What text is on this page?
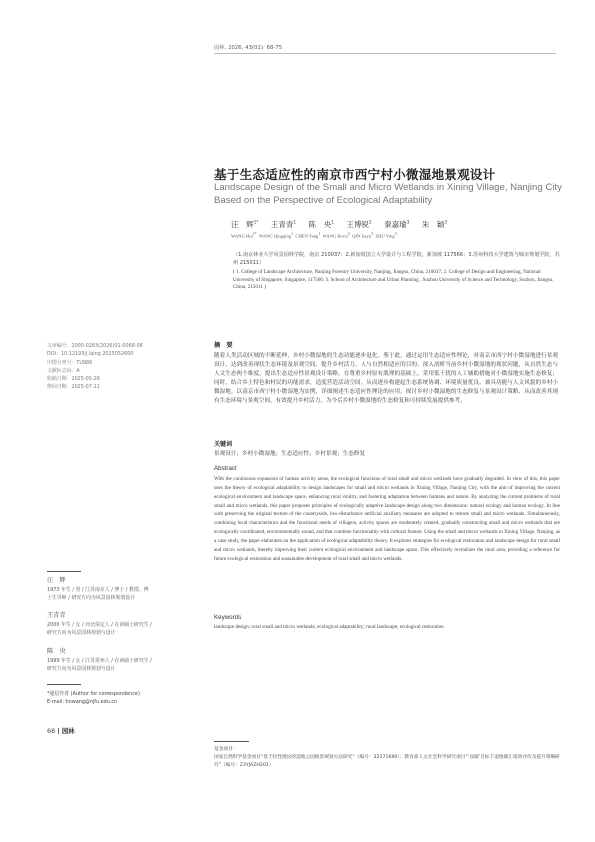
园林, 2026, 43(01): 68-75
基于生态适应性的南京市西宁村小微湿地景观设计
Landscape Design of the Small and Micro Wetlands in Xining Village, Nanjing City Based on the Perspective of Ecological Adaptability
汪　辉$^{1*}$ 王青青$^1$ 陈　央$^1$ 王博锐$^2$ 秦嘉瑜$^3$ 朱　颖$^3$
WANG Hui$^{1*}$ WANG Qingqing$^1$ CHEN Yang$^1$ WANG Borui$^2$ QIN Jiayu$^3$ ZHU Ying$^3$
（1.南京林业大学风景园林学院，南京 210037；2.新加坡国立大学设计与工程学院，新加坡 117566；3.苏州科技大学建筑与城市规划学院，苏州 215011）
( 1. College of Landscape Architecture, Nanjing Forestry University, Nanjing, Jiangsu, China, 210037; 2. College of Design and Engineering, National University of Singapore, Singapore, 117566; 3. School of Architecture and Urban Planning , Suzhou University of Science and Technology, Suzhou, Jiangsu, China, 215011 )
文章编号：1000-0283(2026)01-0068-08
DOI：10.12193/j.laing.2025052600
中图分类号：TU986
文献标志码：A
收稿日期：2025-05-26
修回日期：2025-07-11
摘　要
随着人类活动区域的不断延伸，乡村小微湿地的生态功能逐步退化。鉴于此，通过运用生态适应性理论，对南京市西宁村小微湿地进行景观设计，达到改善现状生态环境及景观空间、提升乡村活力、人与自然相适应的目的。深入剖析当前乡村小微湿地的现状问题，从自然生态与人文生态两个维度，提出生态适应性景观设计策略。在尊重乡村原有肌理的基础上，采用低干扰的人工辅助措施对小微湿地实施生态修复；同时，结合乡土特色和村民的功能需求，适度营造活动空间。从而逐步构建起生态系统协调、环境质量优良、兼具功能与人文风貌的乡村小微湿地。以南京市西宁村小微湿地为实例，详细阐述生态适应性理论的应用，探讨乡村小微湿地的生态修复与景观设计策略，从而改善其现有生态环境与景观空间，有效提升乡村活力，为今后乡村小微湿地的生态修复和可持续发展提供参考。
关键词
景观设计；乡村小微湿地；生态适应性；乡村景观；生态修复
Abstract
With the continuous expansion of human activity areas, the ecological functions of rural small and micro wetlands have gradually degraded. In view of this, this paper uses the theory of ecological adaptability to design landscapes for small and micro wetlands in Xining Village, Nanjing City, with the aim of improving the current ecological environment and landscape space, enhancing rural vitality, and fostering adaptation between humans and nature. By analyzing the current problems of rural small and micro wetlands, this paper proposes principles of ecologically adaptive landscape design along two dimensions: natural ecology and human ecology. In line with preserving the original texture of the countryside, low-disturbance artificial auxiliary measures are adopted to restore small and micro wetlands. Simultaneously, combining local characteristics and the functional needs of villagers, activity spaces are moderately created, gradually constructing small and micro wetlands that are ecologically coordinated, environmentally sound, and that combine functionality with cultural feature. Using the small and micro wetlands in Xining Village, Nanjing, as a case study, the paper elaborates on the application of ecological adaptability theory. It explores strategies for ecological restoration and landscape design for rural small and micro wetlands, thereby improving their current ecological environment and landscape space. This effectively revitalizes the rural area, providing a reference for future ecological restoration and sustainable development of rural small and micro wetlands.
Keywords
landscape design; rural small and micro wetlands; ecological adaptability; rural landscape; ecological restoration
汪　辉
1973 年生 / 男 / 江苏南京人 / 博士 / 教授、博
士生导师 / 研究方向为风景园林规划设计
王青青
2000 年生 / 女 / 河北保定人 / 在读硕士研究生 /
研究方向为风景园林规划与设计
陈　央
1999 年生 / 女 / 江苏常州人 / 在读硕士研究生 /
研究方向为风景园林规划与设计
*通信作者 (Author for correspondence)
E-mail: hnwang@njfu.edu.cn
基金项目：
国家自然科学基金项目“基于轻性理论的湿地公园植景规划方法研究”（编号：32171690）；教育部人文社会科学研究项目“‘双碳’目标下湿地碳汇绩效评价及提升策略研究”（编号：23YJAZH201）
68 园林
